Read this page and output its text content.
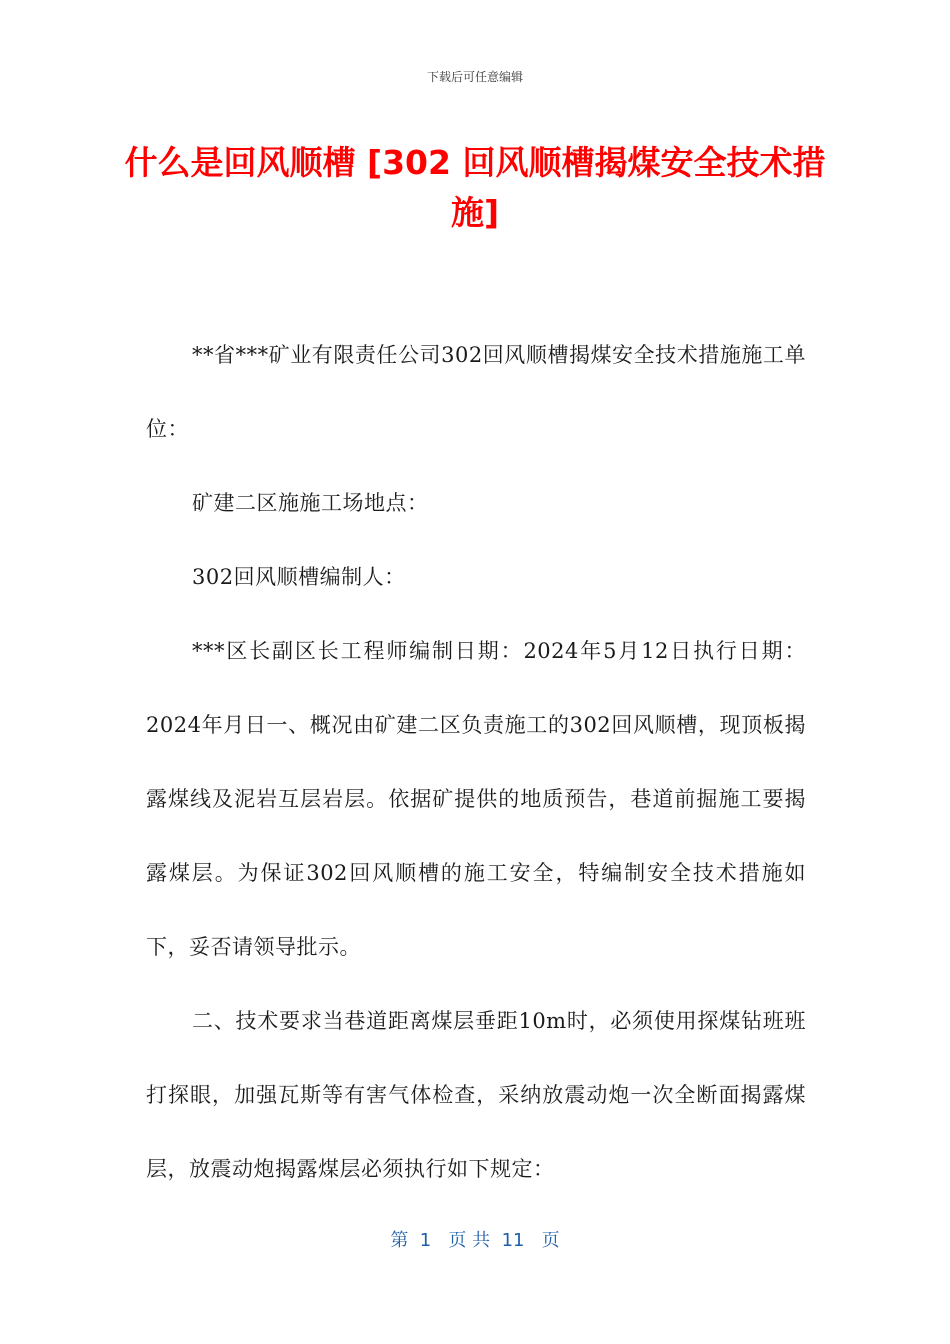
下载后可任意编辑
什么是回风顺槽 [302 回风顺槽揭煤安全技术措施]

**省***矿业有限责任公司302回风顺槽揭煤安全技术措施施工单位：

矿建二区施施工场地点：

302回风顺槽编制人：

***区长副区长工程师编制日期：2024年5月12日执行日期：2024年月日一、概况由矿建二区负责施工的302回风顺槽，现顶板揭露煤线及泥岩互层岩层。依据矿提供的地质预告，巷道前掘施工要揭露煤层。为保证302回风顺槽的施工安全，特编制安全技术措施如下，妥否请领导批示。

二、技术要求当巷道距离煤层垂距10m时，必须使用探煤钻班班打探眼，加强瓦斯等有害气体检查，采纳放震动炮一次全断面揭露煤层，放震动炮揭露煤层必须执行如下规定：

第  1   页 共  11   页
